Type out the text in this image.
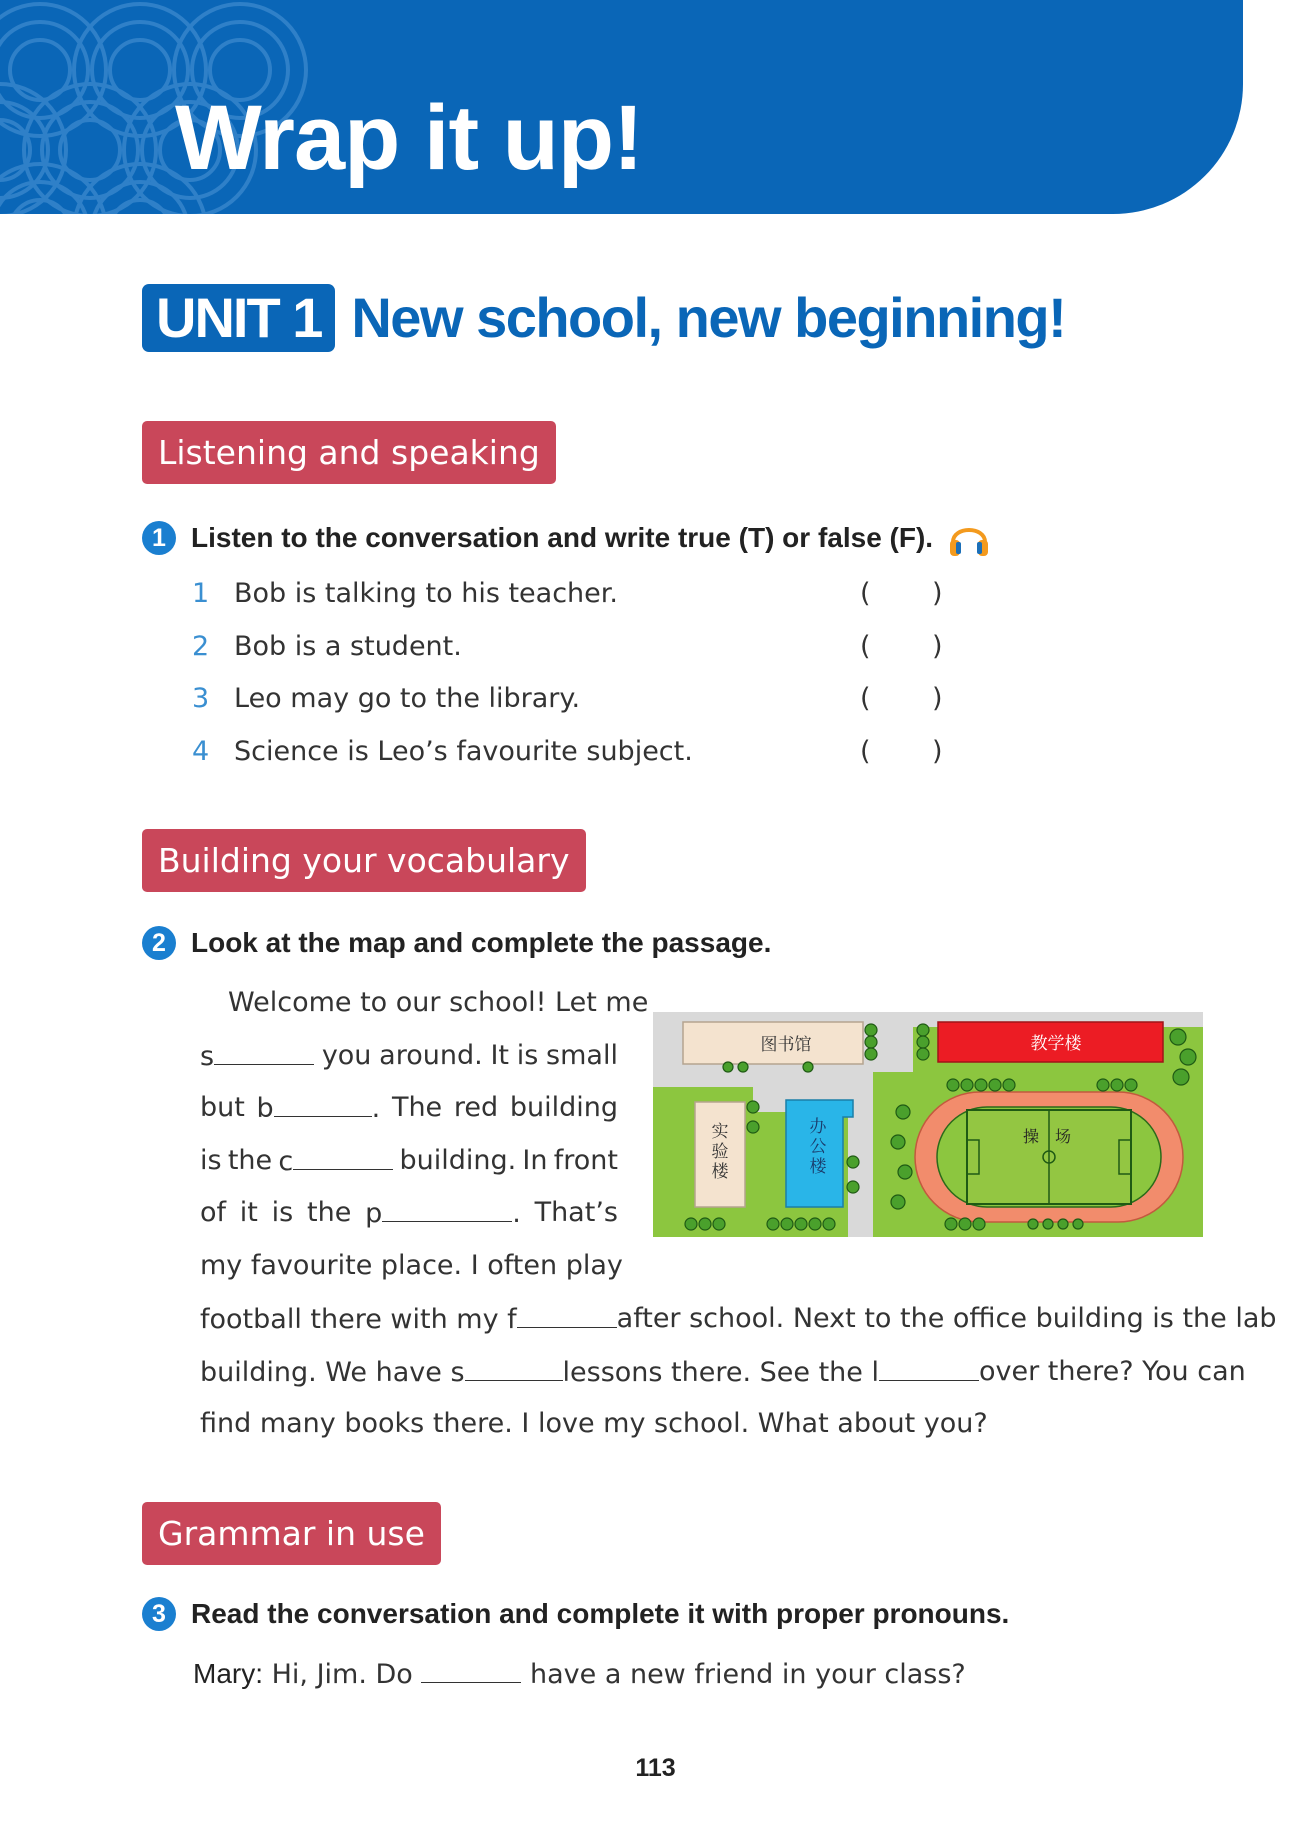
Wrap it up!
UNIT 1 New school, new beginning!
Listening and speaking
1 Listen to the conversation and write true (T) or false (F).
1 Bob is talking to his teacher.	( )
2 Bob is a student.	( )
3 Leo may go to the library.	( )
4 Science is Leo’s favourite subject.	( )
Building your vocabulary
2 Look at the map and complete the passage.
Welcome to our school! Let me
s	you around. It is small
but b	. The red building
is the c	building. In front
of it is the p	. That’s
my favourite place. I often play
football there with my f	after school. Next to the office building is the lab
building. We have s	lessons there. See the l	over there? You can
find many books there. I love my school. What about you?
图书馆	教学楼
实
验
楼
办
公
楼
操 场
Grammar in use
3 Read the conversation and complete it with proper pronouns.
Mary: Hi, Jim. Do	have a new friend in your class?
113
